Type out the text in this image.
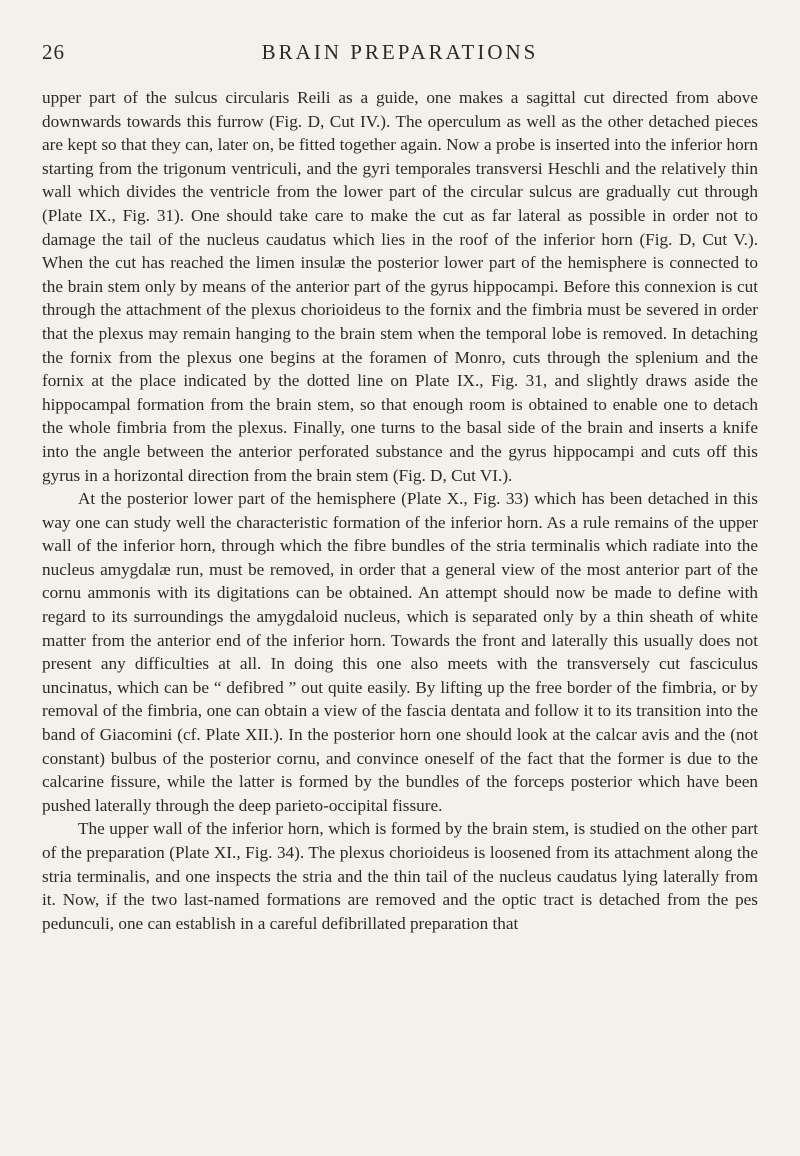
26	BRAIN PREPARATIONS

upper part of the sulcus circularis Reili as a guide, one makes a sagittal cut directed from above downwards towards this furrow (Fig. D, Cut IV.). The operculum as well as the other detached pieces are kept so that they can, later on, be fitted together again. Now a probe is inserted into the inferior horn starting from the trigonum ventriculi, and the gyri temporales transversi Heschli and the relatively thin wall which divides the ventricle from the lower part of the circular sulcus are gradually cut through (Plate IX., Fig. 31). One should take care to make the cut as far lateral as possible in order not to damage the tail of the nucleus caudatus which lies in the roof of the inferior horn (Fig. D, Cut V.). When the cut has reached the limen insulæ the posterior lower part of the hemisphere is connected to the brain stem only by means of the anterior part of the gyrus hippocampi. Before this connexion is cut through the attachment of the plexus chorioideus to the fornix and the fimbria must be severed in order that the plexus may remain hanging to the brain stem when the temporal lobe is removed. In detaching the fornix from the plexus one begins at the foramen of Monro, cuts through the splenium and the fornix at the place indicated by the dotted line on Plate IX., Fig. 31, and slightly draws aside the hippocampal formation from the brain stem, so that enough room is obtained to enable one to detach the whole fimbria from the plexus. Finally, one turns to the basal side of the brain and inserts a knife into the angle between the anterior perforated substance and the gyrus hippocampi and cuts off this gyrus in a horizontal direction from the brain stem (Fig. D, Cut VI.).

At the posterior lower part of the hemisphere (Plate X., Fig. 33) which has been detached in this way one can study well the characteristic formation of the inferior horn. As a rule remains of the upper wall of the inferior horn, through which the fibre bundles of the stria terminalis which radiate into the nucleus amygdalæ run, must be removed, in order that a general view of the most anterior part of the cornu ammonis with its digitations can be obtained. An attempt should now be made to define with regard to its surroundings the amygdaloid nucleus, which is separated only by a thin sheath of white matter from the anterior end of the inferior horn. Towards the front and laterally this usually does not present any difficulties at all. In doing this one also meets with the transversely cut fasciculus uncinatus, which can be “ defibred ” out quite easily. By lifting up the free border of the fimbria, or by removal of the fimbria, one can obtain a view of the fascia dentata and follow it to its transition into the band of Giacomini (cf. Plate XII.). In the posterior horn one should look at the calcar avis and the (not constant) bulbus of the posterior cornu, and convince oneself of the fact that the former is due to the calcarine fissure, while the latter is formed by the bundles of the forceps posterior which have been pushed laterally through the deep parieto-occipital fissure.

The upper wall of the inferior horn, which is formed by the brain stem, is studied on the other part of the preparation (Plate XI., Fig. 34). The plexus chorioideus is loosened from its attachment along the stria terminalis, and one inspects the stria and the thin tail of the nucleus caudatus lying laterally from it. Now, if the two last-named formations are removed and the optic tract is detached from the pes pedunculi, one can establish in a careful defibrillated preparation that
